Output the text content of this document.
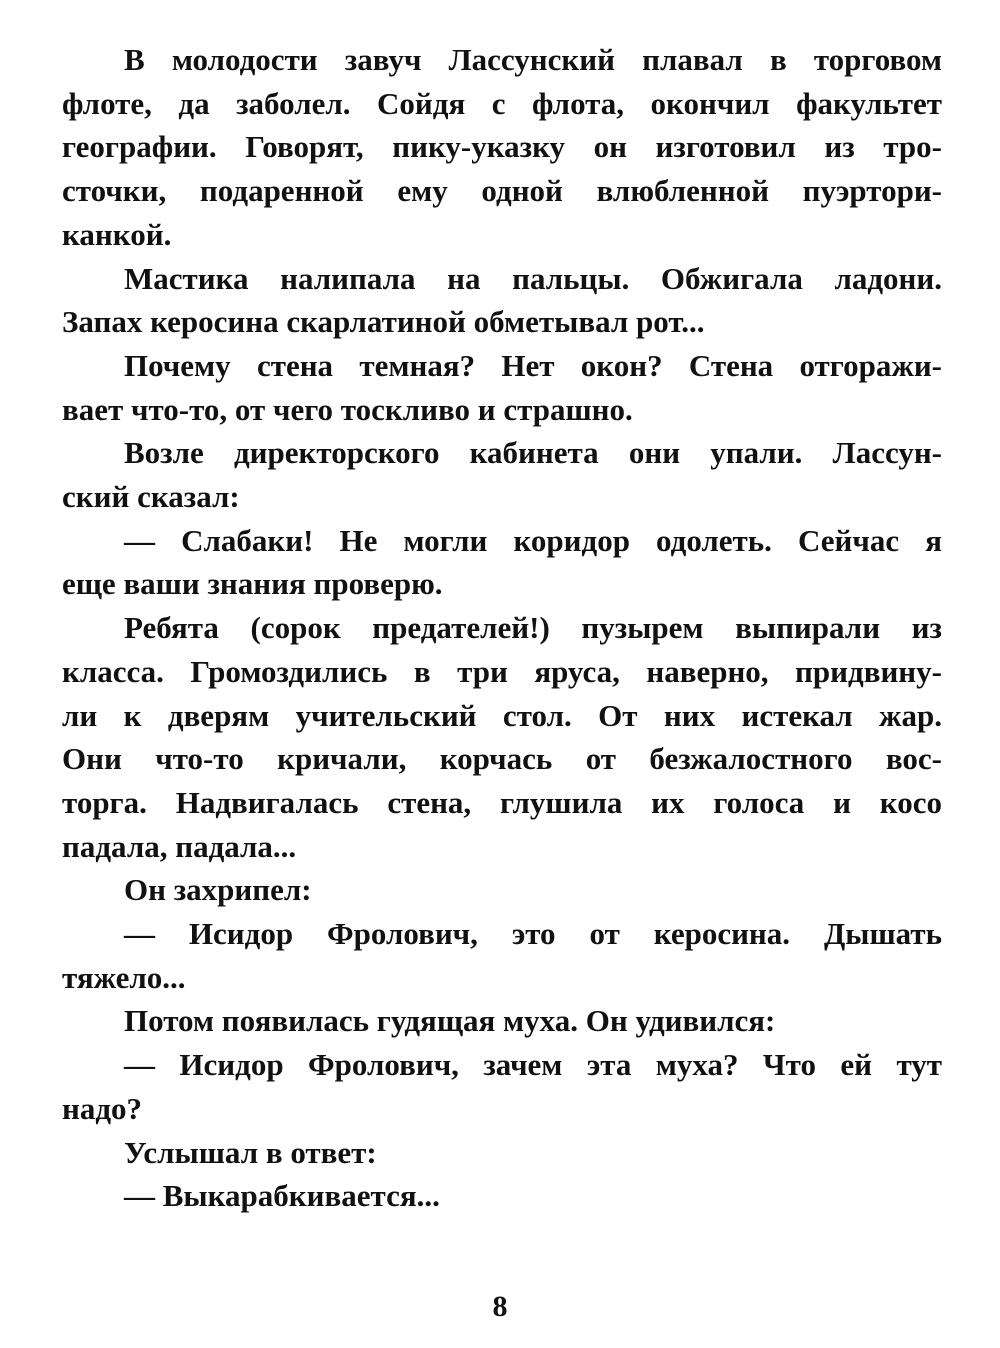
В молодости завуч Лассунский плавал в торговом
флоте, да заболел. Сойдя с флота, окончил факультет
географии. Говорят, пику-указку он изготовил из тро-
сточки, подаренной ему одной влюбленной пуэртори-
канкой.
Мастика налипала на пальцы. Обжигала ладони.
Запах керосина скарлатиной обметывал рот...
Почему стена темная? Нет окон? Стена отгоражи-
вает что-то, от чего тоскливо и страшно.
Возле директорского кабинета они упали. Лассун-
ский сказал:
— Слабаки! Не могли коридор одолеть. Сейчас я
еще ваши знания проверю.
Ребята (сорок предателей!) пузырем выпирали из
класса. Громоздились в три яруса, наверно, придвину-
ли к дверям учительский стол. От них истекал жар.
Они что-то кричали, корчась от безжалостного вос-
торга. Надвигалась стена, глушила их голоса и косо
падала, падала...
Он захрипел:
— Исидор Фролович, это от керосина. Дышать
тяжело...
Потом появилась гудящая муха. Он удивился:
— Исидор Фролович, зачем эта муха? Что ей тут
надо?
Услышал в ответ:
— Выкарабкивается...
8
